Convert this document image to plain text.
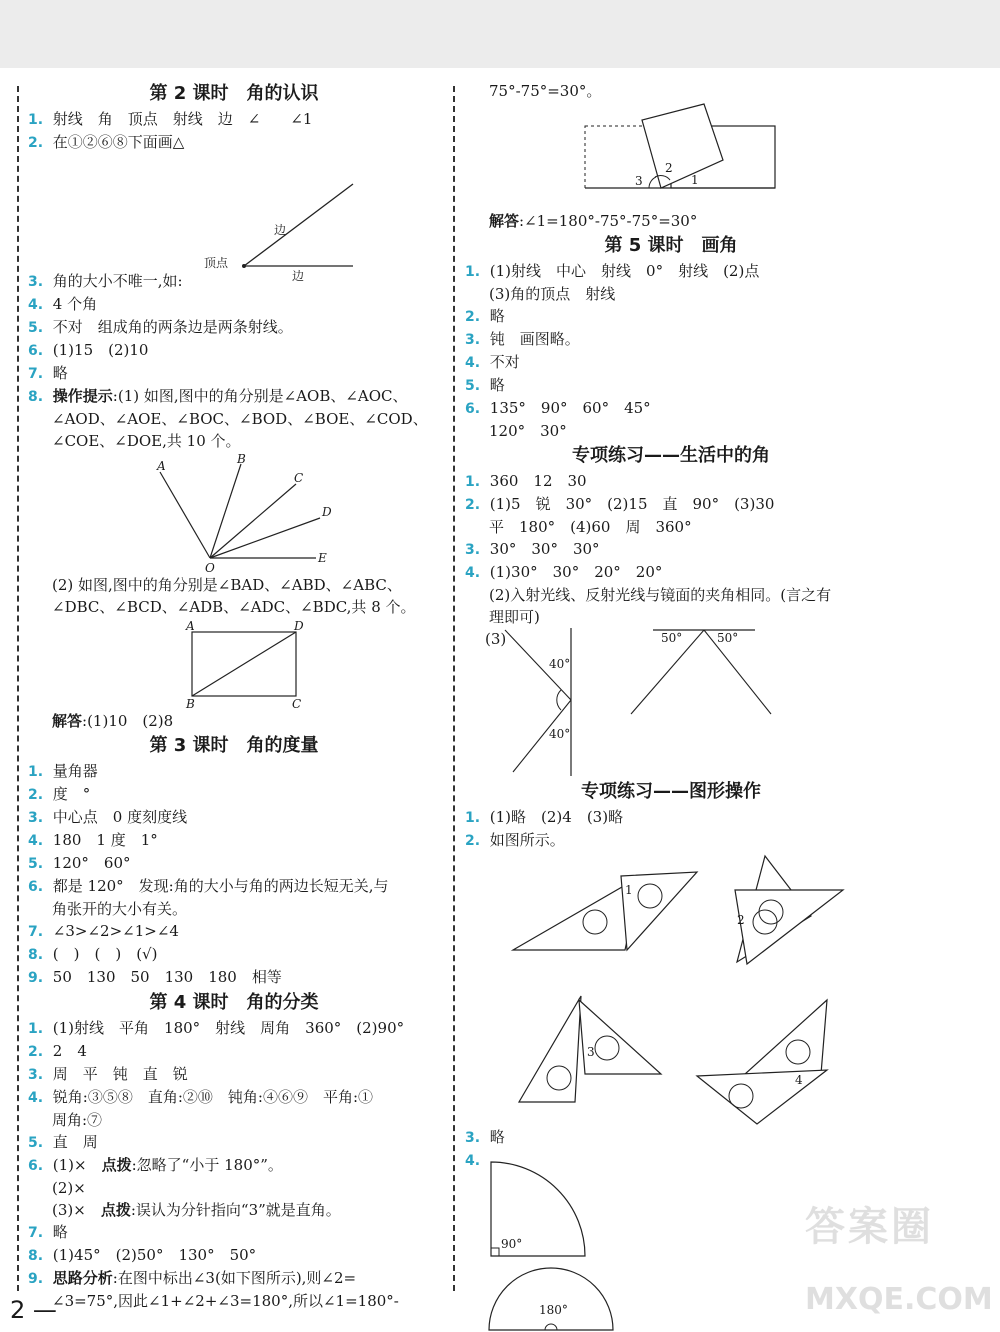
第 2 课时　角的认识

1. 射线　角　顶点　射线　边　∠　　∠1

2. 在①②⑥⑧下面画△

边
边
顶点

3. 角的大小不唯一,如:

4. 4 个角

5. 不对　组成角的两条边是两条射线。

6. (1)15　(2)10

7. 略

8. 操作提示:(1) 如图,图中的角分别是∠AOB、∠AOC、

∠AOD、∠AOE、∠BOC、∠BOD、∠BOE、∠COD、

∠COE、∠DOE,共 10 个。

A	B
C
D
E
O

(2) 如图,图中的角分别是∠BAD、∠ABD、∠ABC、

∠DBC、∠BCD、∠ADB、∠ADC、∠BDC,共 8 个。

A	D
B	C

解答:(1)10　(2)8

第 3 课时　角的度量

1. 量角器

2. 度　°

3. 中心点　0 度刻度线

4. 180　1 度　1°

5. 120°　60°

6. 都是 120°　发现:角的大小与角的两边长短无关,与

角张开的大小有关。

7. ∠3>∠2>∠1>∠4

8. (　)　(　)　(√)

9. 50　130　50　130　180　相等

第 4 课时　角的分类

1. (1)射线　平角　180°　射线　周角　360°　(2)90°

2. 2　4

3. 周　平　钝　直　锐

4. 锐角:③⑤⑧　直角:②⑩　钝角:④⑥⑨　平角:①

周角:⑦

5. 直　周

6. (1)×　点拨:忽略了“小于 180°”。

(2)×

(3)×　点拨:误认为分针指向“3”就是直角。

7. 略

8. (1)45°　(2)50°　130°　50°

9. 思路分析:在图中标出∠3(如下图所示),则∠2=

∠3=75°,因此∠1+∠2+∠3=180°,所以∠1=180°-

75°-75°=30°。

3
2
1

解答:∠1=180°-75°-75°=30°

第 5 课时　画角

1. (1)射线　中心　射线　0°　射线　(2)点

(3)角的顶点　射线

2. 略

3. 钝　画图略。

4. 不对

5. 略

6. 135°　90°　60°　45°

120°　30°

专项练习——生活中的角

1. 360　12　30

2. (1)5　锐　30°　(2)15　直　90°　(3)30

平　180°　(4)60　周　360°

3. 30°　30°　30°

4. (1)30°　30°　20°　20°

(2)入射光线、反射光线与镜面的夹角相同。(言之有

理即可)

(3)
40°
40°
50°	50°

专项练习——图形操作

1. (1)略　(2)4　(3)略

2. 如图所示。

1
2
3
4

3. 略

4.

90°
180°
2 —
答案圈
MXQE.COM
